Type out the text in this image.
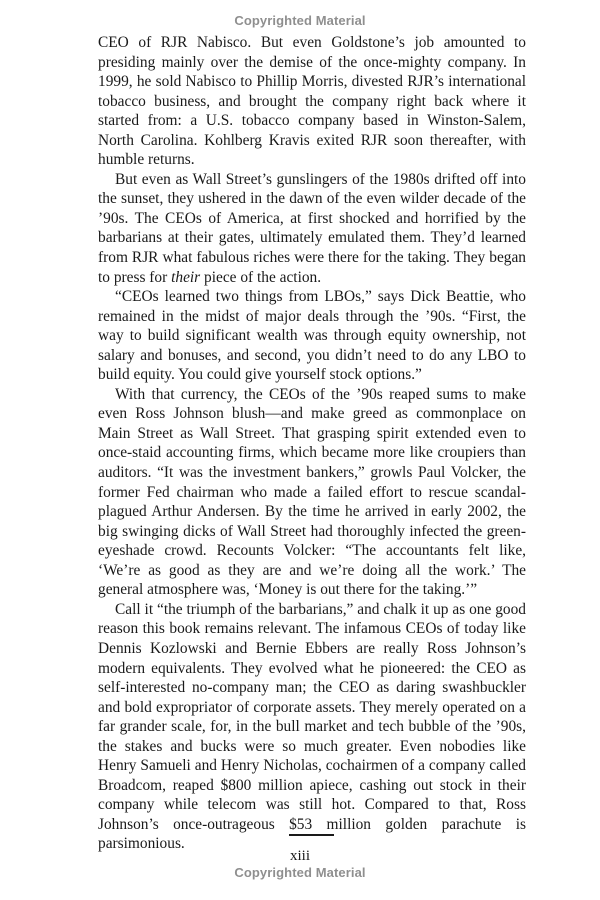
Copyrighted Material

CEO of RJR Nabisco. But even Goldstone’s job amounted to presiding mainly over the demise of the once-mighty company. In 1999, he sold Nabisco to Phillip Morris, divested RJR’s international tobacco business, and brought the company right back where it started from: a U.S. tobacco company based in Winston-Salem, North Carolina. Kohlberg Kravis exited RJR soon thereafter, with humble returns.

But even as Wall Street’s gunslingers of the 1980s drifted off into the sunset, they ushered in the dawn of the even wilder decade of the ’90s. The CEOs of America, at first shocked and horrified by the barbarians at their gates, ultimately emulated them. They’d learned from RJR what fabulous riches were there for the taking. They began to press for their piece of the action.

“CEOs learned two things from LBOs,” says Dick Beattie, who remained in the midst of major deals through the ’90s. “First, the way to build significant wealth was through equity ownership, not salary and bonuses, and second, you didn’t need to do any LBO to build equity. You could give yourself stock options.”

With that currency, the CEOs of the ’90s reaped sums to make even Ross Johnson blush—and make greed as commonplace on Main Street as Wall Street. That grasping spirit extended even to once-staid accounting firms, which became more like croupiers than auditors. “It was the investment bankers,” growls Paul Volcker, the former Fed chairman who made a failed effort to rescue scandal-plagued Arthur Andersen. By the time he arrived in early 2002, the big swinging dicks of Wall Street had thoroughly infected the green-eyeshade crowd. Recounts Volcker: “The accountants felt like, ‘We’re as good as they are and we’re doing all the work.’ The general atmosphere was, ‘Money is out there for the taking.’”

Call it “the triumph of the barbarians,” and chalk it up as one good reason this book remains relevant. The infamous CEOs of today like Dennis Kozlowski and Bernie Ebbers are really Ross Johnson’s modern equivalents. They evolved what he pioneered: the CEO as self-interested no-company man; the CEO as daring swashbuckler and bold expropriator of corporate assets. They merely operated on a far grander scale, for, in the bull market and tech bubble of the ’90s, the stakes and bucks were so much greater. Even nobodies like Henry Samueli and Henry Nicholas, cochairmen of a company called Broadcom, reaped $800 million apiece, cashing out stock in their company while telecom was still hot. Compared to that, Ross Johnson’s once-outrageous $53 million golden parachute is parsimonious.

xiii
Copyrighted Material
